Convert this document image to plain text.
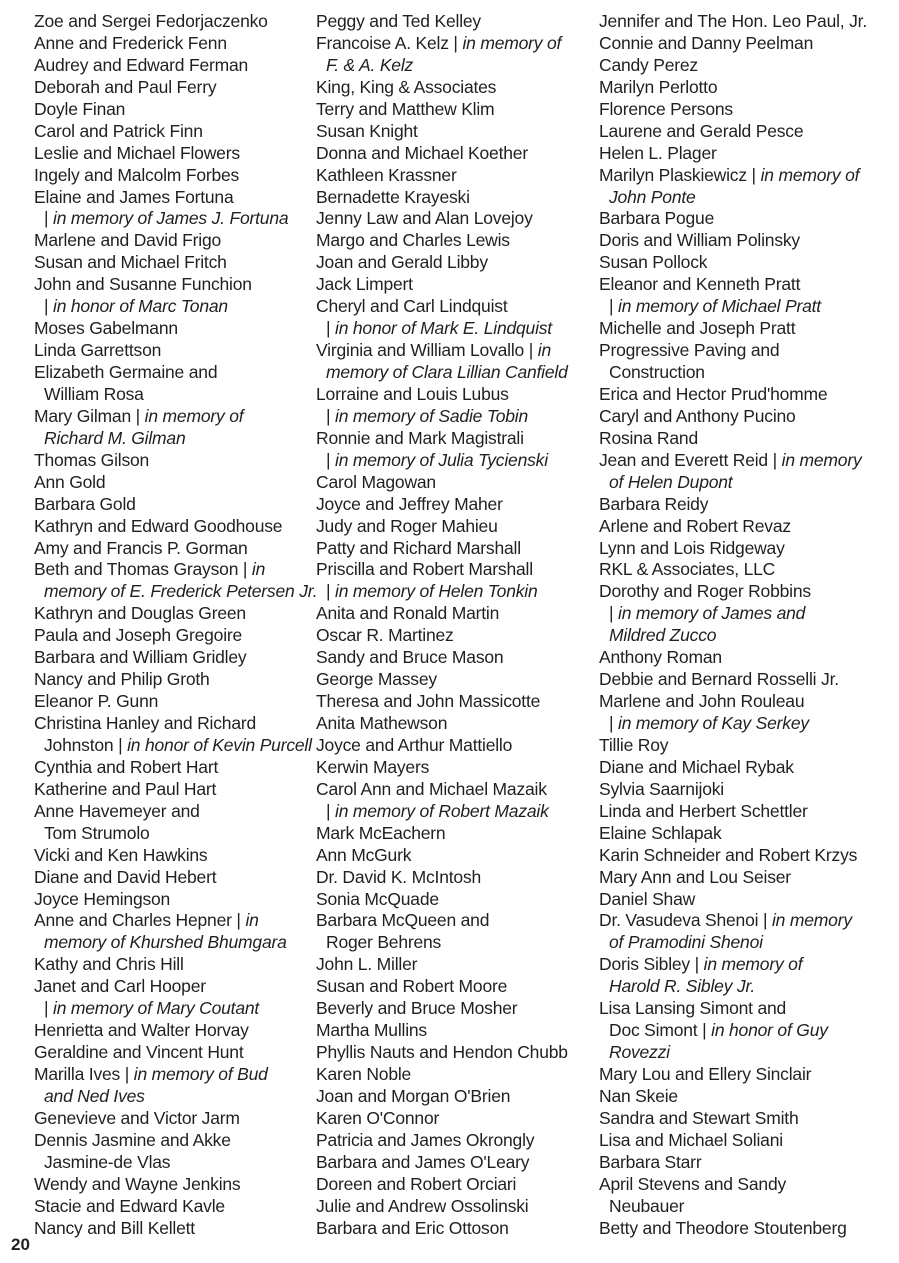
Zoe and Sergei Fedorjaczenko
Anne and Frederick Fenn
Audrey and Edward Ferman
Deborah and Paul Ferry
Doyle Finan
Carol and Patrick Finn
Leslie and Michael Flowers
Ingely and Malcolm Forbes
Elaine and James Fortuna
| in memory of James J. Fortuna
Marlene and David Frigo
Susan and Michael Fritch
John and Susanne Funchion
| in honor of Marc Tonan
Moses Gabelmann
Linda Garrettson
Elizabeth Germaine and
William Rosa
Mary Gilman | in memory of
Richard M. Gilman
Thomas Gilson
Ann Gold
Barbara Gold
Kathryn and Edward Goodhouse
Amy and Francis P. Gorman
Beth and Thomas Grayson | in
memory of E. Frederick Petersen Jr.
Kathryn and Douglas Green
Paula and Joseph Gregoire
Barbara and William Gridley
Nancy and Philip Groth
Eleanor P. Gunn
Christina Hanley and Richard
Johnston | in honor of Kevin Purcell
Cynthia and Robert Hart
Katherine and Paul Hart
Anne Havemeyer and
Tom Strumolo
Vicki and Ken Hawkins
Diane and David Hebert
Joyce Hemingson
Anne and Charles Hepner | in
memory of Khurshed Bhumgara
Kathy and Chris Hill
Janet and Carl Hooper
| in memory of Mary Coutant
Henrietta and Walter Horvay
Geraldine and Vincent Hunt
Marilla Ives | in memory of Bud
and Ned Ives
Genevieve and Victor Jarm
Dennis Jasmine and Akke
Jasmine-de Vlas
Wendy and Wayne Jenkins
Stacie and Edward Kavle
Nancy and Bill Kellett
Peggy and Ted Kelley
Francoise A. Kelz | in memory of
F. & A. Kelz
King, King & Associates
Terry and Matthew Klim
Susan Knight
Donna and Michael Koether
Kathleen Krassner
Bernadette Krayeski
Jenny Law and Alan Lovejoy
Margo and Charles Lewis
Joan and Gerald Libby
Jack Limpert
Cheryl and Carl Lindquist
| in honor of Mark E. Lindquist
Virginia and William Lovallo | in
memory of Clara Lillian Canfield
Lorraine and Louis Lubus
| in memory of Sadie Tobin
Ronnie and Mark Magistrali
| in memory of Julia Tycienski
Carol Magowan
Joyce and Jeffrey Maher
Judy and Roger Mahieu
Patty and Richard Marshall
Priscilla and Robert Marshall
| in memory of Helen Tonkin
Anita and Ronald Martin
Oscar R. Martinez
Sandy and Bruce Mason
George Massey
Theresa and John Massicotte
Anita Mathewson
Joyce and Arthur Mattiello
Kerwin Mayers
Carol Ann and Michael Mazaik
| in memory of Robert Mazaik
Mark McEachern
Ann McGurk
Dr. David K. McIntosh
Sonia McQuade
Barbara McQueen and
Roger Behrens
John L. Miller
Susan and Robert Moore
Beverly and Bruce Mosher
Martha Mullins
Phyllis Nauts and Hendon Chubb
Karen Noble
Joan and Morgan O'Brien
Karen O'Connor
Patricia and James Okrongly
Barbara and James O'Leary
Doreen and Robert Orciari
Julie and Andrew Ossolinski
Barbara and Eric Ottoson
Jennifer and The Hon. Leo Paul, Jr.
Connie and Danny Peelman
Candy Perez
Marilyn Perlotto
Florence Persons
Laurene and Gerald Pesce
Helen L. Plager
Marilyn Plaskiewicz | in memory of
John Ponte
Barbara Pogue
Doris and William Polinsky
Susan Pollock
Eleanor and Kenneth Pratt
| in memory of Michael Pratt
Michelle and Joseph Pratt
Progressive Paving and
Construction
Erica and Hector Prud'homme
Caryl and Anthony Pucino
Rosina Rand
Jean and Everett Reid | in memory
of Helen Dupont
Barbara Reidy
Arlene and Robert Revaz
Lynn and Lois Ridgeway
RKL & Associates, LLC
Dorothy and Roger Robbins
| in memory of James and
Mildred Zucco
Anthony Roman
Debbie and Bernard Rosselli Jr.
Marlene and John Rouleau
| in memory of Kay Serkey
Tillie Roy
Diane and Michael Rybak
Sylvia Saarnijoki
Linda and Herbert Schettler
Elaine Schlapak
Karin Schneider and Robert Krzys
Mary Ann and Lou Seiser
Daniel Shaw
Dr. Vasudeva Shenoi | in memory
of Pramodini Shenoi
Doris Sibley | in memory of
Harold R. Sibley Jr.
Lisa Lansing Simont and
Doc Simont | in honor of Guy
Rovezzi
Mary Lou and Ellery Sinclair
Nan Skeie
Sandra and Stewart Smith
Lisa and Michael Soliani
Barbara Starr
April Stevens and Sandy
Neubauer
Betty and Theodore Stoutenberg
20
